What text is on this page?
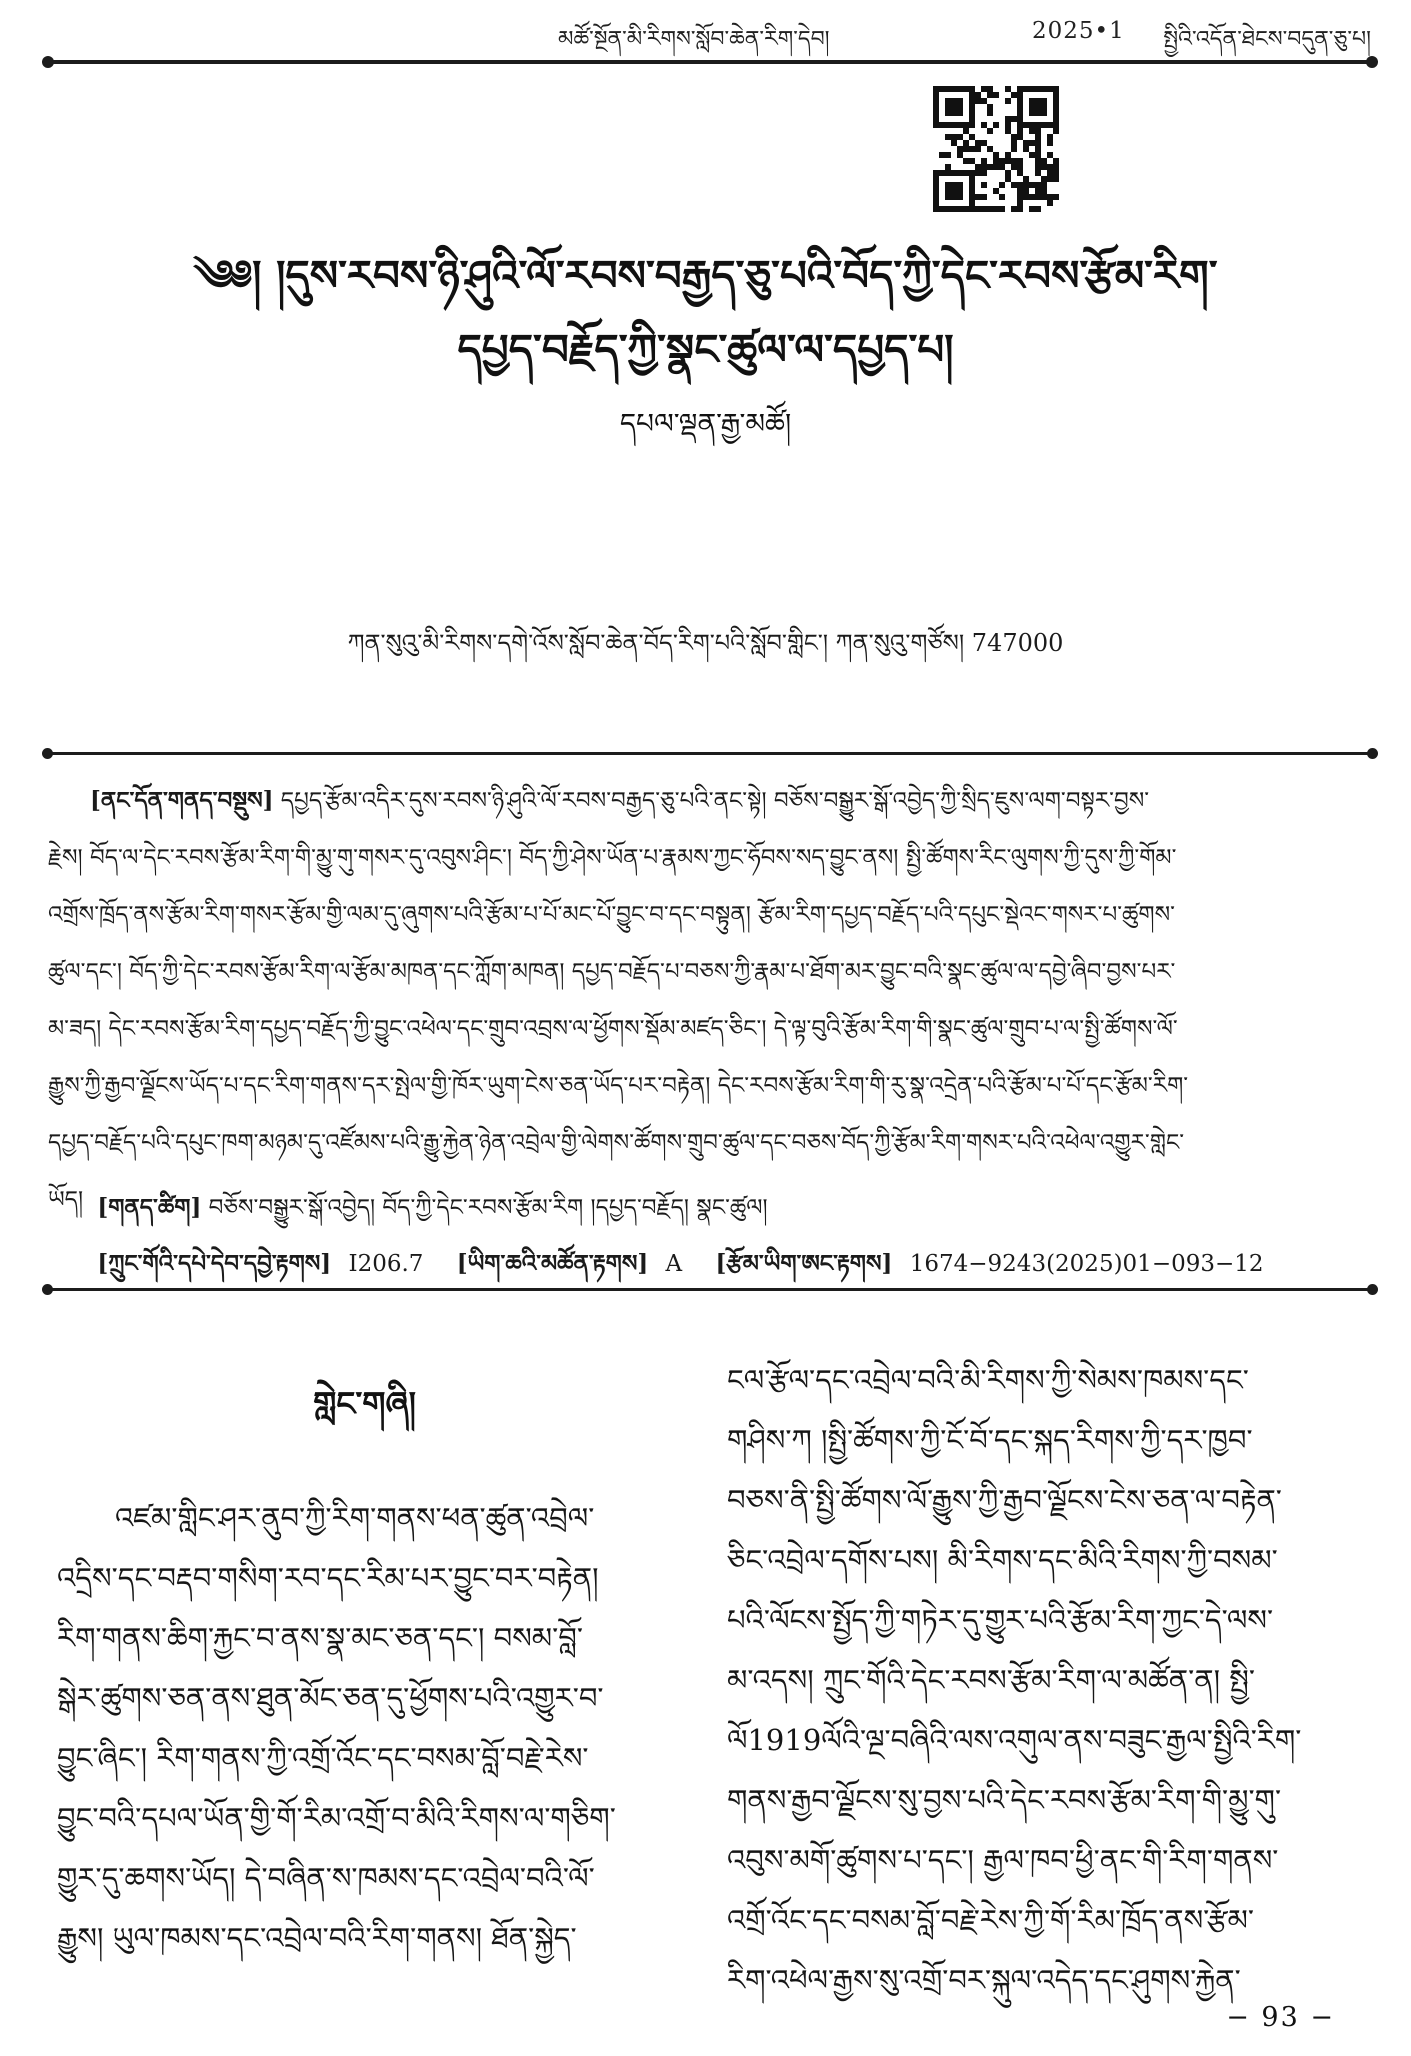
མཚོ་སྔོན་མི་རིགས་སློབ་ཆེན་རིག་དེབ།	2025•1 སྤྱིའི་འདོན་ཐེངས་བདུན་ཅུ་པ།
༄༅། །དུས་རབས་ཉི་ཤུའི་ལོ་རབས་བརྒྱད་ཅུ་པའི་བོད་ཀྱི་དེང་རབས་རྩོམ་རིག་
དཔྱད་བརྗོད་ཀྱི་སྣང་ཚུལ་ལ་དཔྱད་པ།
དཔལ་ལྡན་རྒྱ་མཚོ།
ཀན་སུའུ་མི་རིགས་དགེ་འོས་སློབ་ཆེན་བོད་རིག་པའི་སློབ་གླིང་། ཀན་སུའུ་གཙོས། 747000
[ནང་དོན་གནད་བསྡུས] དཔྱད་རྩོམ་འདིར་དུས་རབས་ཉི་ཤུའི་ལོ་རབས་བརྒྱད་ཅུ་པའི་ནང་སྟེ། བཅོས་བསྒྱུར་སྒོ་འབྱེད་ཀྱི་སྲིད་ཇུས་ལག་བསྟར་བྱས་
རྗེས། བོད་ལ་དེང་རབས་རྩོམ་རིག་གི་མྱུ་གུ་གསར་དུ་འབུས་ཤིང་། བོད་ཀྱི་ཤེས་ཡོན་པ་རྣམས་ཀྱང་ཧོབས་སད་བྱུང་ནས། སྤྱི་ཚོགས་རིང་ལུགས་ཀྱི་དུས་ཀྱི་གོམ་
འགྲོས་ཁྲོད་ནས་རྩོམ་རིག་གསར་རྩོམ་གྱི་ལམ་དུ་ཞུགས་པའི་རྩོམ་པ་པོ་མང་པོ་བྱུང་བ་དང་བསྟུན། རྩོམ་རིག་དཔྱད་བརྗོད་པའི་དཔུང་སྡེའང་གསར་པ་ཚུགས་
ཚུལ་དང་། བོད་ཀྱི་དེང་རབས་རྩོམ་རིག་ལ་རྩོམ་མཁན་དང་ཀློག་མཁན། དཔྱད་བརྗོད་པ་བཅས་ཀྱི་རྣམ་པ་ཐོག་མར་བྱུང་བའི་སྣང་ཚུལ་ལ་དབྱེ་ཞིབ་བྱས་པར་
མ་ཟད། དེང་རབས་རྩོམ་རིག་དཔྱད་བརྗོད་ཀྱི་བྱུང་འཕེལ་དང་གྲུབ་འབྲས་ལ་ཕྱོགས་སྡོམ་མཛད་ཅིང་། དེ་ལྟ་བུའི་རྩོམ་རིག་གི་སྣང་ཚུལ་གྲུབ་པ་ལ་སྤྱི་ཚོགས་ལོ་
རྒྱུས་ཀྱི་རྒྱབ་ལྗོངས་ཡོད་པ་དང་རིག་གནས་དར་སྤེལ་གྱི་ཁོར་ཡུག་ངེས་ཅན་ཡོད་པར་བརྟེན། དེང་རབས་རྩོམ་རིག་གི་རུ་སྣ་འདྲེན་པའི་རྩོམ་པ་པོ་དང་རྩོམ་རིག་
དཔྱད་བརྗོད་པའི་དཔུང་ཁག་མཉམ་དུ་འཛོམས་པའི་རྒྱུ་རྐྱེན་ཉེན་འབྲེལ་གྱི་ལེགས་ཚོགས་གྲུབ་ཚུལ་དང་བཅས་བོད་ཀྱི་རྩོམ་རིག་གསར་པའི་འཕེལ་འགྱུར་གླེང་
ཡོད། [གནད་ཚིག] བཅོས་བསྒྱུར་སྒོ་འབྱེད། བོད་ཀྱི་དེང་རབས་རྩོམ་རིག །དཔྱད་བརྗོད། སྣང་ཚུལ།
[ཀྲུང་གོའི་དཔེ་དེབ་དབྱེ་རྟགས] I206.7 [ཡིག་ཆའི་མཚོན་རྟགས] A [རྩོམ་ཡིག་ཨང་རྟགས] 1674−9243(2025)01−093−12
གླེང་གཞི།
འཛམ་གླིང་ཤར་ནུབ་ཀྱི་རིག་གནས་ཕན་ཚུན་འབྲེལ་
འདྲིས་དང་བརྡབ་གསིག་རབ་དང་རིམ་པར་བྱུང་བར་བརྟེན།
རིག་གནས་ཆིག་རྐྱང་བ་ནས་སྣ་མང་ཅན་དང་། བསམ་བློ་
སྒེར་ཚུགས་ཅན་ནས་ཐུན་མོང་ཅན་དུ་ཕྱོགས་པའི་འགྱུར་བ་
བྱུང་ཞིང་། རིག་གནས་ཀྱི་འགྲོ་འོང་དང་བསམ་བློ་བརྗེ་རེས་
བྱུང་བའི་དཔལ་ཡོན་གྱི་གོ་རིམ་འགྲོ་བ་མིའི་རིགས་ལ་གཅིག་
གྱུར་དུ་ཆགས་ཡོད། དེ་བཞིན་ས་ཁམས་དང་འབྲེལ་བའི་ལོ་
རྒྱུས། ཡུལ་ཁམས་དང་འབྲེལ་བའི་རིག་གནས། ཐོན་སྐྱེད་
ངལ་རྩོལ་དང་འབྲེལ་བའི་མི་རིགས་ཀྱི་སེམས་ཁམས་དང་
གཤིས་ཀ །སྤྱི་ཚོགས་ཀྱི་ངོ་བོ་དང་སྐད་རིགས་ཀྱི་དར་ཁྱབ་
བཅས་ནི་སྤྱི་ཚོགས་ལོ་རྒྱུས་ཀྱི་རྒྱབ་ལྗོངས་ངེས་ཅན་ལ་བརྟེན་
ཅིང་འབྲེལ་དགོས་པས། མི་རིགས་དང་མིའི་རིགས་ཀྱི་བསམ་
པའི་ལོངས་སྤྱོད་ཀྱི་གཏེར་དུ་གྱུར་པའི་རྩོམ་རིག་ཀྱང་དེ་ལས་
མ་འདས། ཀྲུང་གོའི་དེང་རབས་རྩོམ་རིག་ལ་མཚོན་ན། སྤྱི་
ལོ1919ལོའི་ལྔ་བཞིའི་ལས་འགུལ་ནས་བཟུང་རྒྱལ་སྤྱིའི་རིག་
གནས་རྒྱབ་ལྗོངས་སུ་བྱས་པའི་དེང་རབས་རྩོམ་རིག་གི་མྱུ་གུ་
འབུས་མགོ་ཚུགས་པ་དང་། རྒྱལ་ཁབ་ཕྱི་ནང་གི་རིག་གནས་
འགྲོ་འོང་དང་བསམ་བློ་བརྗེ་རེས་ཀྱི་གོ་རིམ་ཁྲོད་ནས་རྩོམ་
རིག་འཕེལ་རྒྱས་སུ་འགྲོ་བར་སྐུལ་འདེད་དང་ཤུགས་རྐྱེན་
− 93 −
